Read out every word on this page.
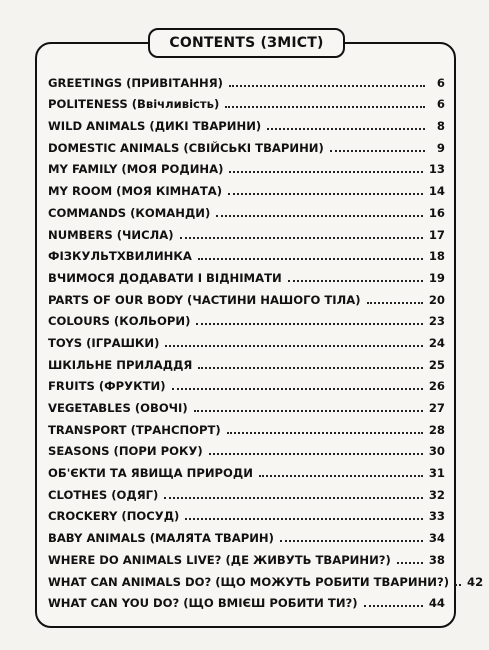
CONTENTS (ЗМІСТ)
GREETINGS (ПРИВІТАННЯ)	6
POLITENESS (Ввічливість)	6
WILD ANIMALS (ДИКІ ТВАРИНИ)	8
DOMESTIC ANIMALS (СВІЙСЬКІ ТВАРИНИ)	9
MY FAMILY (МОЯ РОДИНА)	13
MY ROOM (МОЯ КІМНАТА)	14
COMMANDS (КОМАНДИ)	16
NUMBERS (ЧИСЛА)	17
ФІЗКУЛЬТХВИЛИНКА	18
ВЧИМОСЯ ДОДАВАТИ І ВІДНІМАТИ	19
PARTS OF OUR BODY (ЧАСТИНИ НАШОГО ТІЛА)	20
COLOURS (КОЛЬОРИ)	23
TOYS (ІГРАШКИ)	24
ШКІЛЬНЕ ПРИЛАДДЯ	25
FRUITS (ФРУКТИ)	26
VEGETABLES (ОВОЧІ)	27
TRANSPORT (ТРАНСПОРТ)	28
SEASONS (ПОРИ РОКУ)	30
ОБ'ЄКТИ ТА ЯВИЩА ПРИРОДИ	31
CLOTHES (ОДЯГ)	32
CROCKERY (ПОСУД)	33
BABY ANIMALS (МАЛЯТА ТВАРИН)	34
WHERE DO ANIMALS LIVE? (ДЕ ЖИВУТЬ ТВАРИНИ?)	38
WHAT CAN ANIMALS DO? (ЩО МОЖУТЬ РОБИТИ ТВАРИНИ?) 42
WHAT CAN YOU DO? (ЩО ВМІЄШ РОБИТИ ТИ?)	44
